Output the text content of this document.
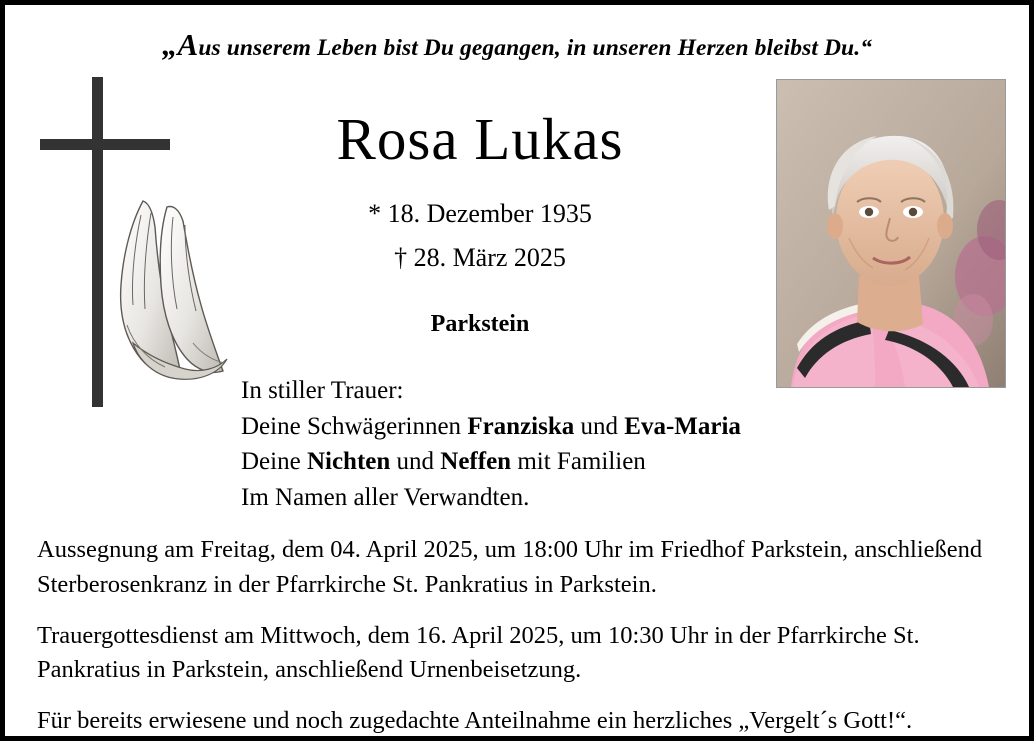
„Aus unserem Leben bist Du gegangen, in unseren Herzen bleibst Du.“
Rosa Lukas
* 18. Dezember 1935
† 28. März 2025
Parkstein
In stiller Trauer:
Deine Schwägerinnen Franziska und Eva-Maria
Deine Nichten und Neffen mit Familien
Im Namen aller Verwandten.

Aussegnung am Freitag, dem 04. April 2025, um 18:00 Uhr im Friedhof Parkstein, anschließend Sterberosenkranz in der Pfarrkirche St. Pankratius in Parkstein.

Trauergottesdienst am Mittwoch, dem 16. April 2025, um 10:30 Uhr in der Pfarrkirche St. Pankratius in Parkstein, anschließend Urnenbeisetzung.

Für bereits erwiesene und noch zugedachte Anteilnahme ein herzliches „Vergelt´s Gott!“.
